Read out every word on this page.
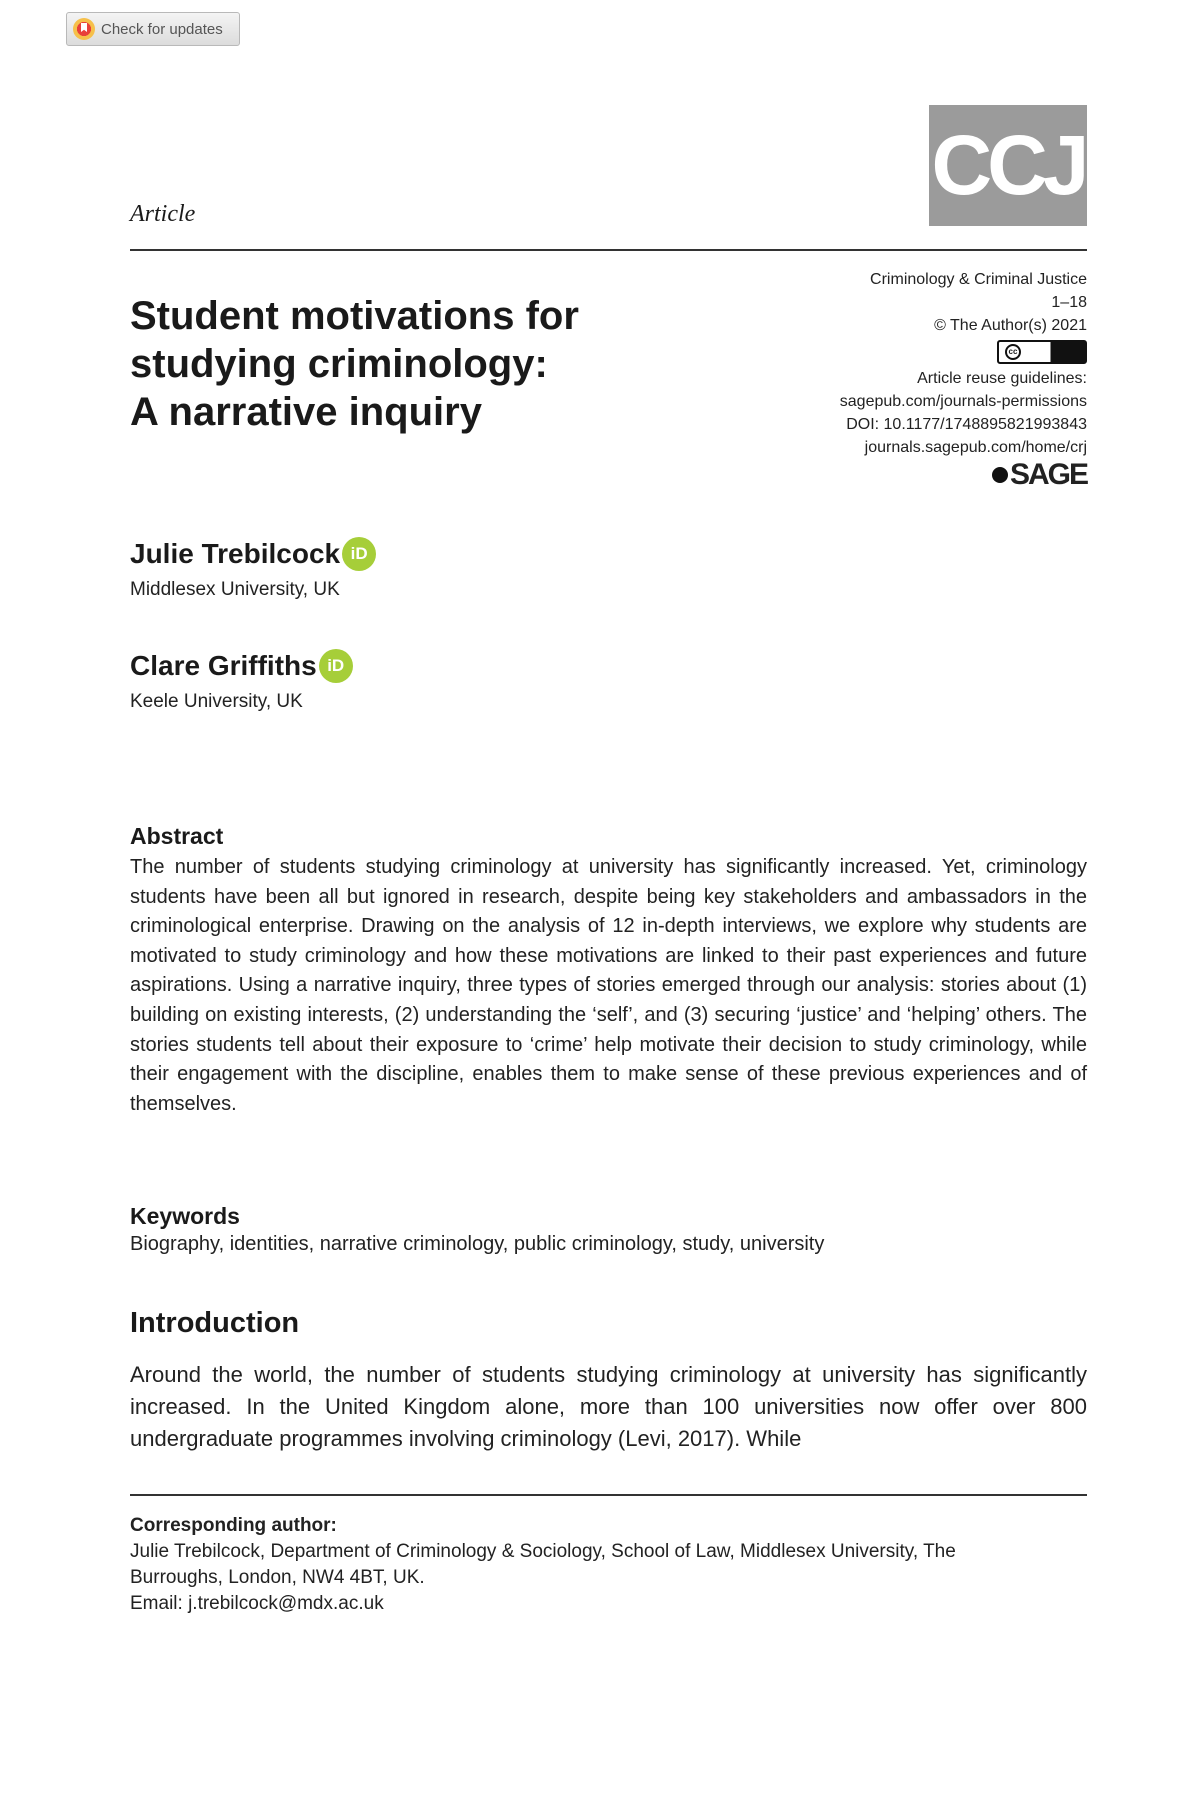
Check for updates
CCJ
Article
Criminology & Criminal Justice
1–18
© The Author(s) 2021
cc	i
Article reuse guidelines:
sagepub.com/journals-permissions
DOI: 10.1177/1748895821993843
journals.sagepub.com/home/crj
SAGE
Student motivations for
studying criminology:
A narrative inquiry
Julie Trebilcock iD
Middlesex University, UK
Clare Griffiths iD
Keele University, UK
Abstract
The number of students studying criminology at university has significantly increased. Yet, criminology students have been all but ignored in research, despite being key stakeholders and ambassadors in the criminological enterprise. Drawing on the analysis of 12 in-depth interviews, we explore why students are motivated to study criminology and how these motivations are linked to their past experiences and future aspirations. Using a narrative inquiry, three types of stories emerged through our analysis: stories about (1) building on existing interests, (2) understanding the ‘self’, and (3) securing ‘justice’ and ‘helping’ others. The stories students tell about their exposure to ‘crime’ help motivate their decision to study criminology, while their engagement with the discipline, enables them to make sense of these previous experiences and of themselves.
Keywords
Biography, identities, narrative criminology, public criminology, study, university
Introduction
Around the world, the number of students studying criminology at university has significantly increased. In the United Kingdom alone, more than 100 universities now offer over 800 undergraduate programmes involving criminology (Levi, 2017). While
Corresponding author:
Julie Trebilcock, Department of Criminology & Sociology, School of Law, Middlesex University, The
Burroughs, London, NW4 4BT, UK.
Email: j.trebilcock@mdx.ac.uk
